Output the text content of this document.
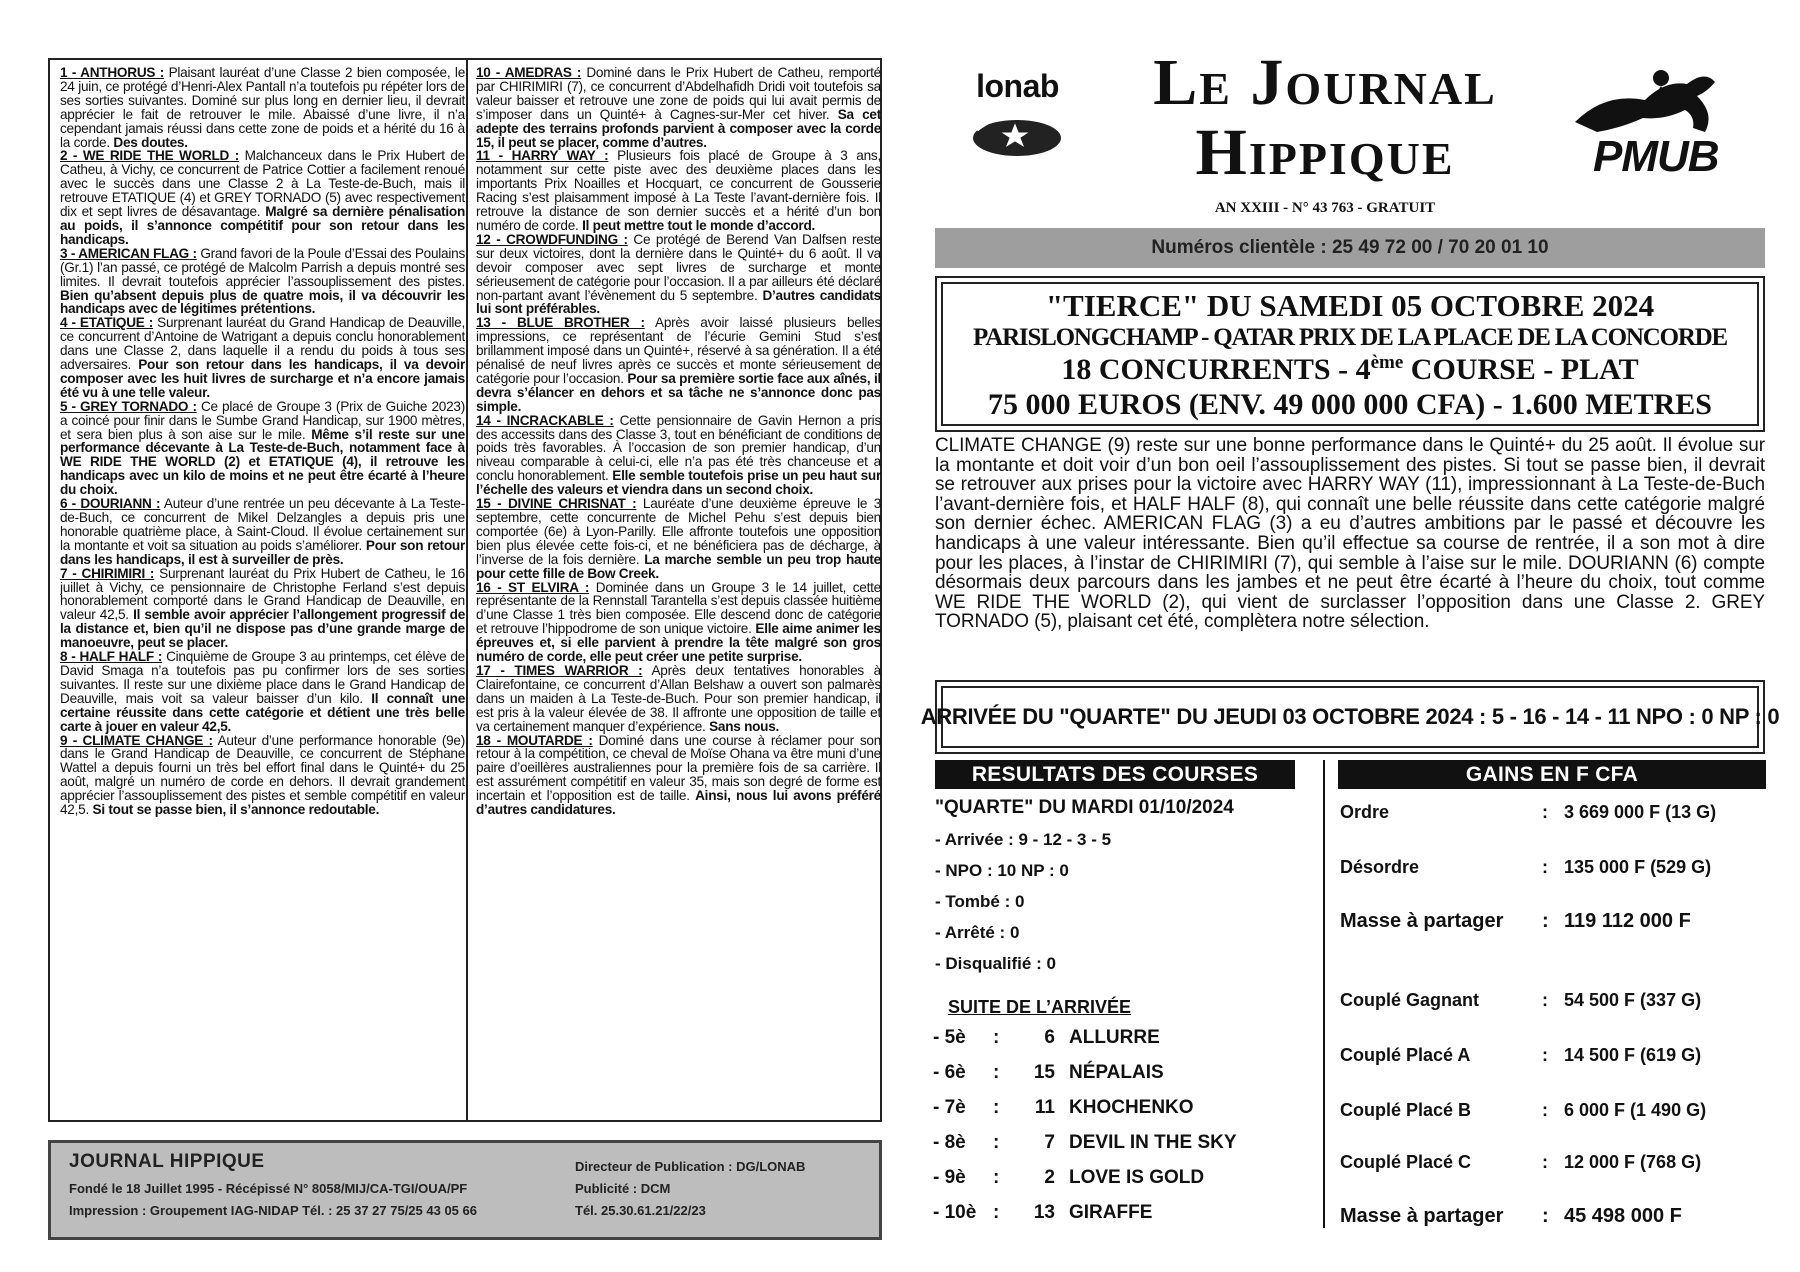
1 - ANTHORUS : Plaisant lauréat d’une Classe 2 bien composée, le 24 juin, ce protégé d’Henri-Alex Pantall n’a toutefois pu répéter lors de ses sorties suivantes. Dominé sur plus long en dernier lieu, il devrait apprécier le fait de retrouver le mile. Abaissé d’une livre, il n’a cependant jamais réussi dans cette zone de poids et a hérité du 16 à la corde. Des doutes.

2 - WE RIDE THE WORLD : Malchanceux dans le Prix Hubert de Catheu, à Vichy, ce concurrent de Patrice Cottier a facilement renoué avec le succès dans une Classe 2 à La Teste-de-Buch, mais il retrouve ETATIQUE (4) et GREY TORNADO (5) avec respectivement dix et sept livres de désavantage. Malgré sa dernière pénalisation au poids, il s’annonce compétitif pour son retour dans les handicaps.

3 - AMERICAN FLAG : Grand favori de la Poule d’Essai des Poulains (Gr.1) l’an passé, ce protégé de Malcolm Parrish a depuis montré ses limites. Il devrait toutefois apprécier l’assouplissement des pistes. Bien qu’absent depuis plus de quatre mois, il va découvrir les handicaps avec de légitimes prétentions.

4 - ETATIQUE : Surprenant lauréat du Grand Handicap de Deauville, ce concurrent d’Antoine de Watrigant a depuis conclu honorablement dans une Classe 2, dans laquelle il a rendu du poids à tous ses adversaires. Pour son retour dans les handicaps, il va devoir composer avec les huit livres de surcharge et n’a encore jamais été vu à une telle valeur.

5 - GREY TORNADO : Ce placé de Groupe 3 (Prix de Guiche 2023) a coincé pour finir dans le Sumbe Grand Handicap, sur 1900 mètres, et sera bien plus à son aise sur le mile. Même s’il reste sur une performance décevante à La Teste-de-Buch, notamment face à WE RIDE THE WORLD (2) et ETATIQUE (4), il retrouve les handicaps avec un kilo de moins et ne peut être écarté à l’heure du choix.

6 - DOURIANN : Auteur d’une rentrée un peu décevante à La Teste-de-Buch, ce concurrent de Mikel Delzangles a depuis pris une honorable quatrième place, à Saint-Cloud. Il évolue certainement sur la montante et voit sa situation au poids s’améliorer. Pour son retour dans les handicaps, il est à surveiller de près.

7 - CHIRIMIRI : Surprenant lauréat du Prix Hubert de Catheu, le 16 juillet à Vichy, ce pensionnaire de Christophe Ferland s’est depuis honorablement comporté dans le Grand Handicap de Deauville, en valeur 42,5. Il semble avoir apprécier l’allongement progressif de la distance et, bien qu’il ne dispose pas d’une grande marge de manoeuvre, peut se placer.

8 - HALF HALF : Cinquième de Groupe 3 au printemps, cet élève de David Smaga n’a toutefois pas pu confirmer lors de ses sorties suivantes. Il reste sur une dixième place dans le Grand Handicap de Deauville, mais voit sa valeur baisser d’un kilo. Il connaît une certaine réussite dans cette catégorie et détient une très belle carte à jouer en valeur 42,5.

9 - CLIMATE CHANGE : Auteur d’une performance honorable (9e) dans le Grand Handicap de Deauville, ce concurrent de Stéphane Wattel a depuis fourni un très bel effort final dans le Quinté+ du 25 août, malgré un numéro de corde en dehors. Il devrait grandement apprécier l’assouplissement des pistes et semble compétitif en valeur 42,5. Si tout se passe bien, il s’annonce redoutable.

10 - AMEDRAS : Dominé dans le Prix Hubert de Catheu, remporté par CHIRIMIRI (7), ce concurrent d’Abdelhafidh Dridi voit toutefois sa valeur baisser et retrouve une zone de poids qui lui avait permis de s’imposer dans un Quinté+ à Cagnes-sur-Mer cet hiver. Sa cet adepte des terrains profonds parvient à composer avec la corde 15, il peut se placer, comme d’autres.

11 - HARRY WAY : Plusieurs fois placé de Groupe à 3 ans, notamment sur cette piste avec des deuxième places dans les importants Prix Noailles et Hocquart, ce concurrent de Gousserie Racing s’est plaisamment imposé à La Teste l’avant-dernière fois. Il retrouve la distance de son dernier succès et a hérité d’un bon numéro de corde. Il peut mettre tout le monde d’accord.

12 - CROWDFUNDING : Ce protégé de Berend Van Dalfsen reste sur deux victoires, dont la dernière dans le Quinté+ du 6 août. Il va devoir composer avec sept livres de surcharge et monte sérieusement de catégorie pour l’occasion. Il a par ailleurs été déclaré non-partant avant l’évènement du 5 septembre. D’autres candidats lui sont préférables.

13 - BLUE BROTHER : Après avoir laissé plusieurs belles impressions, ce représentant de l’écurie Gemini Stud s’est brillamment imposé dans un Quinté+, réservé à sa génération. Il a été pénalisé de neuf livres après ce succès et monte sérieusement de catégorie pour l’occasion. Pour sa première sortie face aux aînés, il devra s’élancer en dehors et sa tâche ne s’annonce donc pas simple.

14 - INCRACKABLE : Cette pensionnaire de Gavin Hernon a pris des accessits dans des Classe 3, tout en bénéficiant de conditions de poids très favorables. À l’occasion de son premier handicap, d’un niveau comparable à celui-ci, elle n’a pas été très chanceuse et a conclu honorablement. Elle semble toutefois prise un peu haut sur l’échelle des valeurs et viendra dans un second choix.

15 - DIVINE CHRISNAT : Lauréate d’une deuxième épreuve le 3 septembre, cette concurrente de Michel Pehu s’est depuis bien comportée (6e) à Lyon-Parilly. Elle affronte toutefois une opposition bien plus élevée cette fois-ci, et ne bénéficiera pas de décharge, à l’inverse de la fois dernière. La marche semble un peu trop haute pour cette fille de Bow Creek.

16 - ST ELVIRA : Dominée dans un Groupe 3 le 14 juillet, cette représentante de la Rennstall Tarantella s’est depuis classée huitième d’une Classe 1 très bien composée. Elle descend donc de catégorie et retrouve l’hippodrome de son unique victoire. Elle aime animer les épreuves et, si elle parvient à prendre la tête malgré son gros numéro de corde, elle peut créer une petite surprise.

17 - TIMES WARRIOR : Après deux tentatives honorables à Clairefontaine, ce concurrent d’Allan Belshaw a ouvert son palmarès dans un maiden à La Teste-de-Buch. Pour son premier handicap, il est pris à la valeur élevée de 38. Il affronte une opposition de taille et va certainement manquer d’expérience. Sans nous.

18 - MOUTARDE : Dominé dans une course à réclamer pour son retour à la compétition, ce cheval de Moïse Ohana va être muni d’une paire d’oeillères australiennes pour la première fois de sa carrière. Il est assurément compétitif en valeur 35, mais son degré de forme est incertain et l’opposition est de taille. Ainsi, nous lui avons préféré d’autres candidatures.

JOURNAL HIPPIQUE
Fondé le 18 Juillet 1995 - Récépissé N° 8058/MIJ/CA-TGI/OUA/PF
Impression : Groupement IAG-NIDAP Tél. : 25 37 27 75/25 43 05 66
Directeur de Publication : DG/LONAB
Publicité : DCM
Tél. 25.30.61.21/22/23
lonab	Le Journal
Hippique	PMUB
AN XXIII - N° 43 763 - GRATUIT
Numéros clientèle : 25 49 72 00 / 70 20 01 10
"TIERCE" DU SAMEDI 05 OCTOBRE 2024
PARISLONGCHAMP - QATAR PRIX DE LA PLACE DE LA CONCORDE
18 CONCURRENTS - 4ème COURSE - PLAT
75 000 EUROS (ENV. 49 000 000 CFA) - 1.600 METRES
CLIMATE CHANGE (9) reste sur une bonne performance dans le Quinté+ du 25 août. Il évolue sur la montante et doit voir d’un bon oeil l’assouplissement des pistes. Si tout se passe bien, il devrait se retrouver aux prises pour la victoire avec HARRY WAY (11), impressionnant à La Teste-de-Buch l’avant-dernière fois, et HALF HALF (8), qui connaît une belle réussite dans cette catégorie malgré son dernier échec. AMERICAN FLAG (3) a eu d’autres ambitions par le passé et découvre les handicaps à une valeur intéressante. Bien qu’il effectue sa course de rentrée, il a son mot à dire pour les places, à l’instar de CHIRIMIRI (7), qui semble à l’aise sur le mile. DOURIANN (6) compte désormais deux parcours dans les jambes et ne peut être écarté à l’heure du choix, tout comme WE RIDE THE WORLD (2), qui vient de surclasser l’opposition dans une Classe 2. GREY TORNADO (5), plaisant cet été, complètera notre sélection.
ARRIVÉE DU "QUARTE" DU JEUDI 03 OCTOBRE 2024 : 5 - 16 - 14 - 11 NPO : 0 NP : 0
RESULTATS DES COURSES	GAINS EN F CFA
"QUARTE" DU MARDI 01/10/2024
- Arrivée : 9 - 12 - 3 - 5
- NPO : 10 NP : 0
- Tombé : 0
- Arrêté : 0
- Disqualifié : 0
SUITE DE L’ARRIVÉE
- 5è : 6 ALLURRE
- 6è : 15 NÉPALAIS
- 7è : 11 KHOCHENKO
- 8è : 7 DEVIL IN THE SKY
- 9è : 2 LOVE IS GOLD
- 10è : 13 GIRAFFE
Ordre	: 3 669 000 F (13 G)
Désordre	: 135 000 F (529 G)
Masse à partager : 119 112 000 F
Couplé Gagnant	: 54 500 F (337 G)
Couplé Placé A	: 14 500 F (619 G)
Couplé Placé B	: 6 000 F (1 490 G)
Couplé Placé C	: 12 000 F (768 G)
Masse à partager : 45 498 000 F
